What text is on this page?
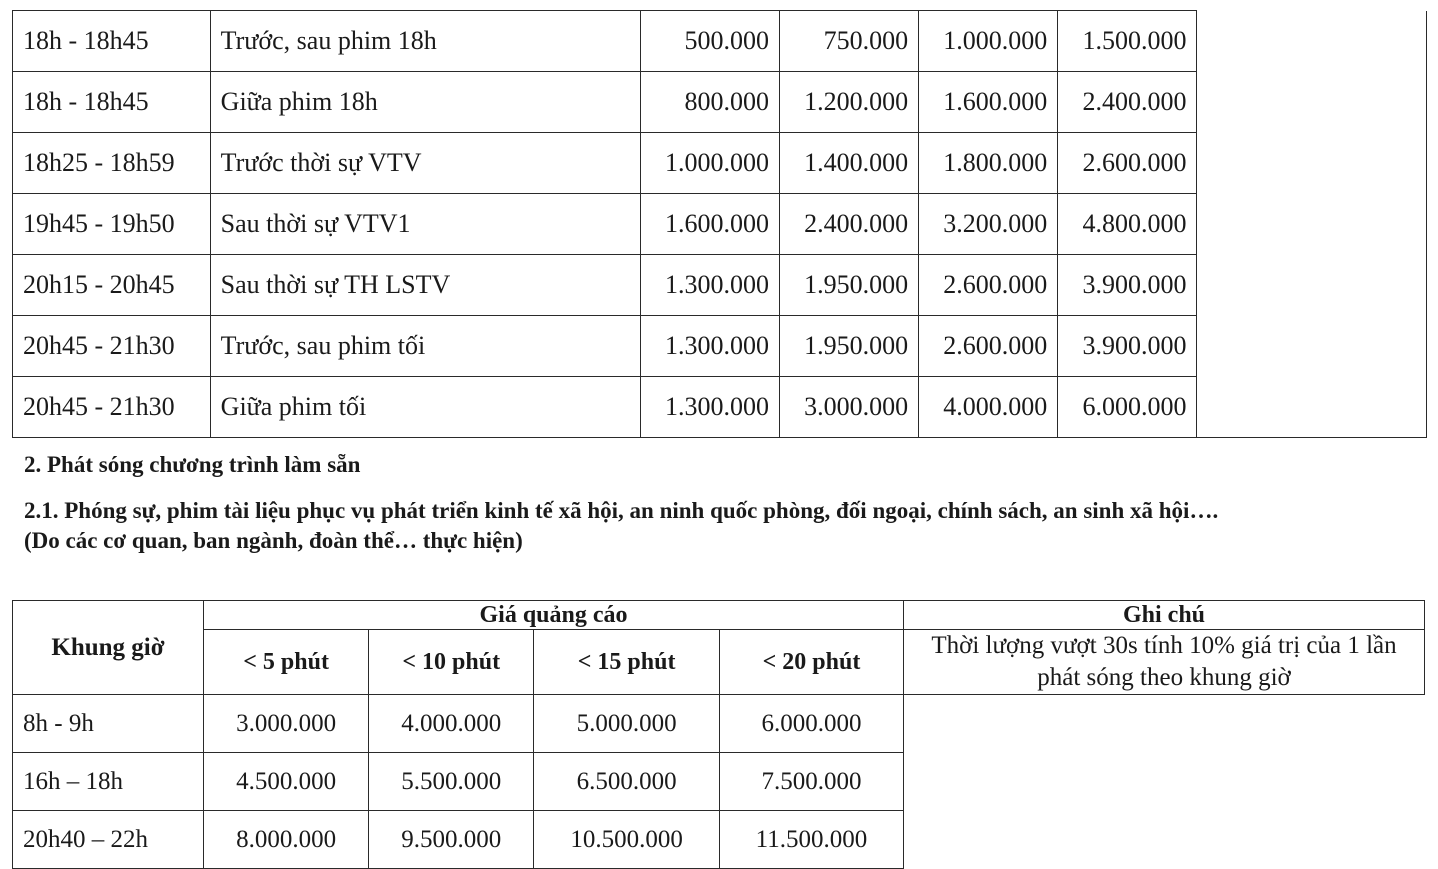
18h - 18h45	Trước, sau phim 18h	500.000	750.000	1.000.000	1.500.000	
18h - 18h45	Giữa phim 18h	800.000	1.200.000	1.600.000	2.400.000	
18h25 - 18h59	Trước thời sự VTV	1.000.000	1.400.000	1.800.000	2.600.000	
19h45 - 19h50	Sau thời sự VTV1	1.600.000	2.400.000	3.200.000	4.800.000	
20h15 - 20h45	Sau thời sự TH LSTV	1.300.000	1.950.000	2.600.000	3.900.000	
20h45 - 21h30	Trước, sau phim tối	1.300.000	1.950.000	2.600.000	3.900.000	
20h45 - 21h30	Giữa phim tối	1.300.000	3.000.000	4.000.000	6.000.000	

2. Phát sóng chương trình làm sẵn

2.1. Phóng sự, phim tài liệu phục vụ phát triển kinh tế xã hội, an ninh quốc phòng, đối ngoại, chính sách, an sinh xã hội….

(Do các cơ quan, ban ngành, đoàn thể… thực hiện)

Khung giờ	Giá quảng cáo				Ghi chú
	< 5 phút	< 10 phút	< 15 phút	< 20 phút	Thời lượng vượt 30s tính 10% giá trị của 1 lần
phát sóng theo khung giờ
8h - 9h	3.000.000	4.000.000	5.000.000	6.000.000	
16h – 18h	4.500.000	5.500.000	6.500.000	7.500.000	
20h40 – 22h	8.000.000	9.500.000	10.500.000	11.500.000	
